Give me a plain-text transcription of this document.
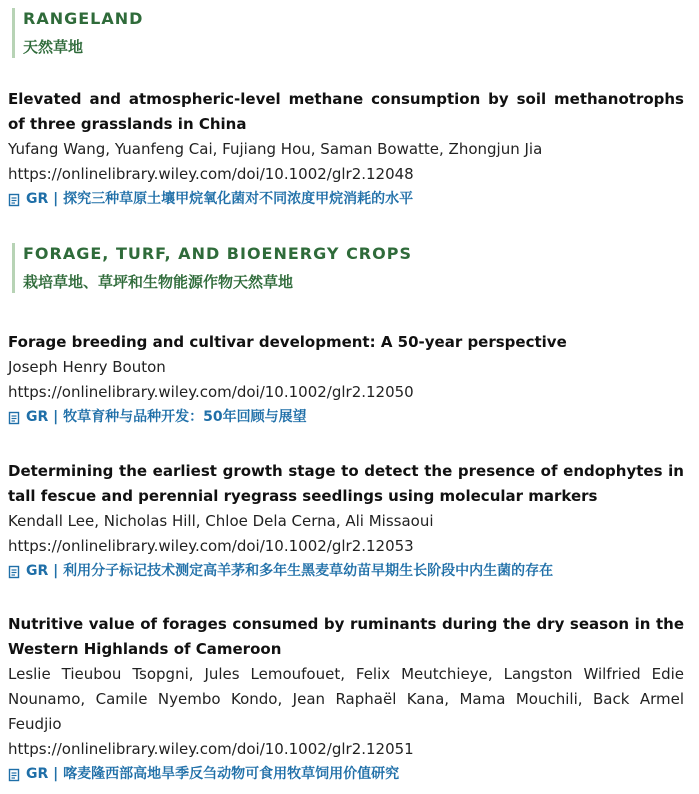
RANGELAND
天然草地
Elevated and atmospheric-level methane consumption by soil methanotrophs of three grasslands in China
Yufang Wang, Yuanfeng Cai, Fujiang Hou, Saman Bowatte, Zhongjun Jia
https://onlinelibrary.wiley.com/doi/10.1002/glr2.12048
GR | 探究三种草原土壤甲烷氧化菌对不同浓度甲烷消耗的水平
FORAGE, TURF, AND BIOENERGY CROPS
栽培草地、草坪和生物能源作物天然草地
Forage breeding and cultivar development: A 50-year perspective
Joseph Henry Bouton
https://onlinelibrary.wiley.com/doi/10.1002/glr2.12050
GR | 牧草育种与品种开发：50年回顾与展望
Determining the earliest growth stage to detect the presence of endophytes in tall fescue and perennial ryegrass seedlings using molecular markers
Kendall Lee, Nicholas Hill, Chloe Dela Cerna, Ali Missaoui
https://onlinelibrary.wiley.com/doi/10.1002/glr2.12053
GR | 利用分子标记技术测定高羊茅和多年生黑麦草幼苗早期生长阶段中内生菌的存在
Nutritive value of forages consumed by ruminants during the dry season in the Western Highlands of Cameroon
Leslie Tieubou Tsopgni, Jules Lemoufouet, Felix Meutchieye, Langston Wilfried Edie Nounamo, Camile Nyembo Kondo, Jean Raphaël Kana, Mama Mouchili, Back Armel Feudjio
https://onlinelibrary.wiley.com/doi/10.1002/glr2.12051
GR | 喀麦隆西部高地旱季反刍动物可食用牧草饲用价值研究
